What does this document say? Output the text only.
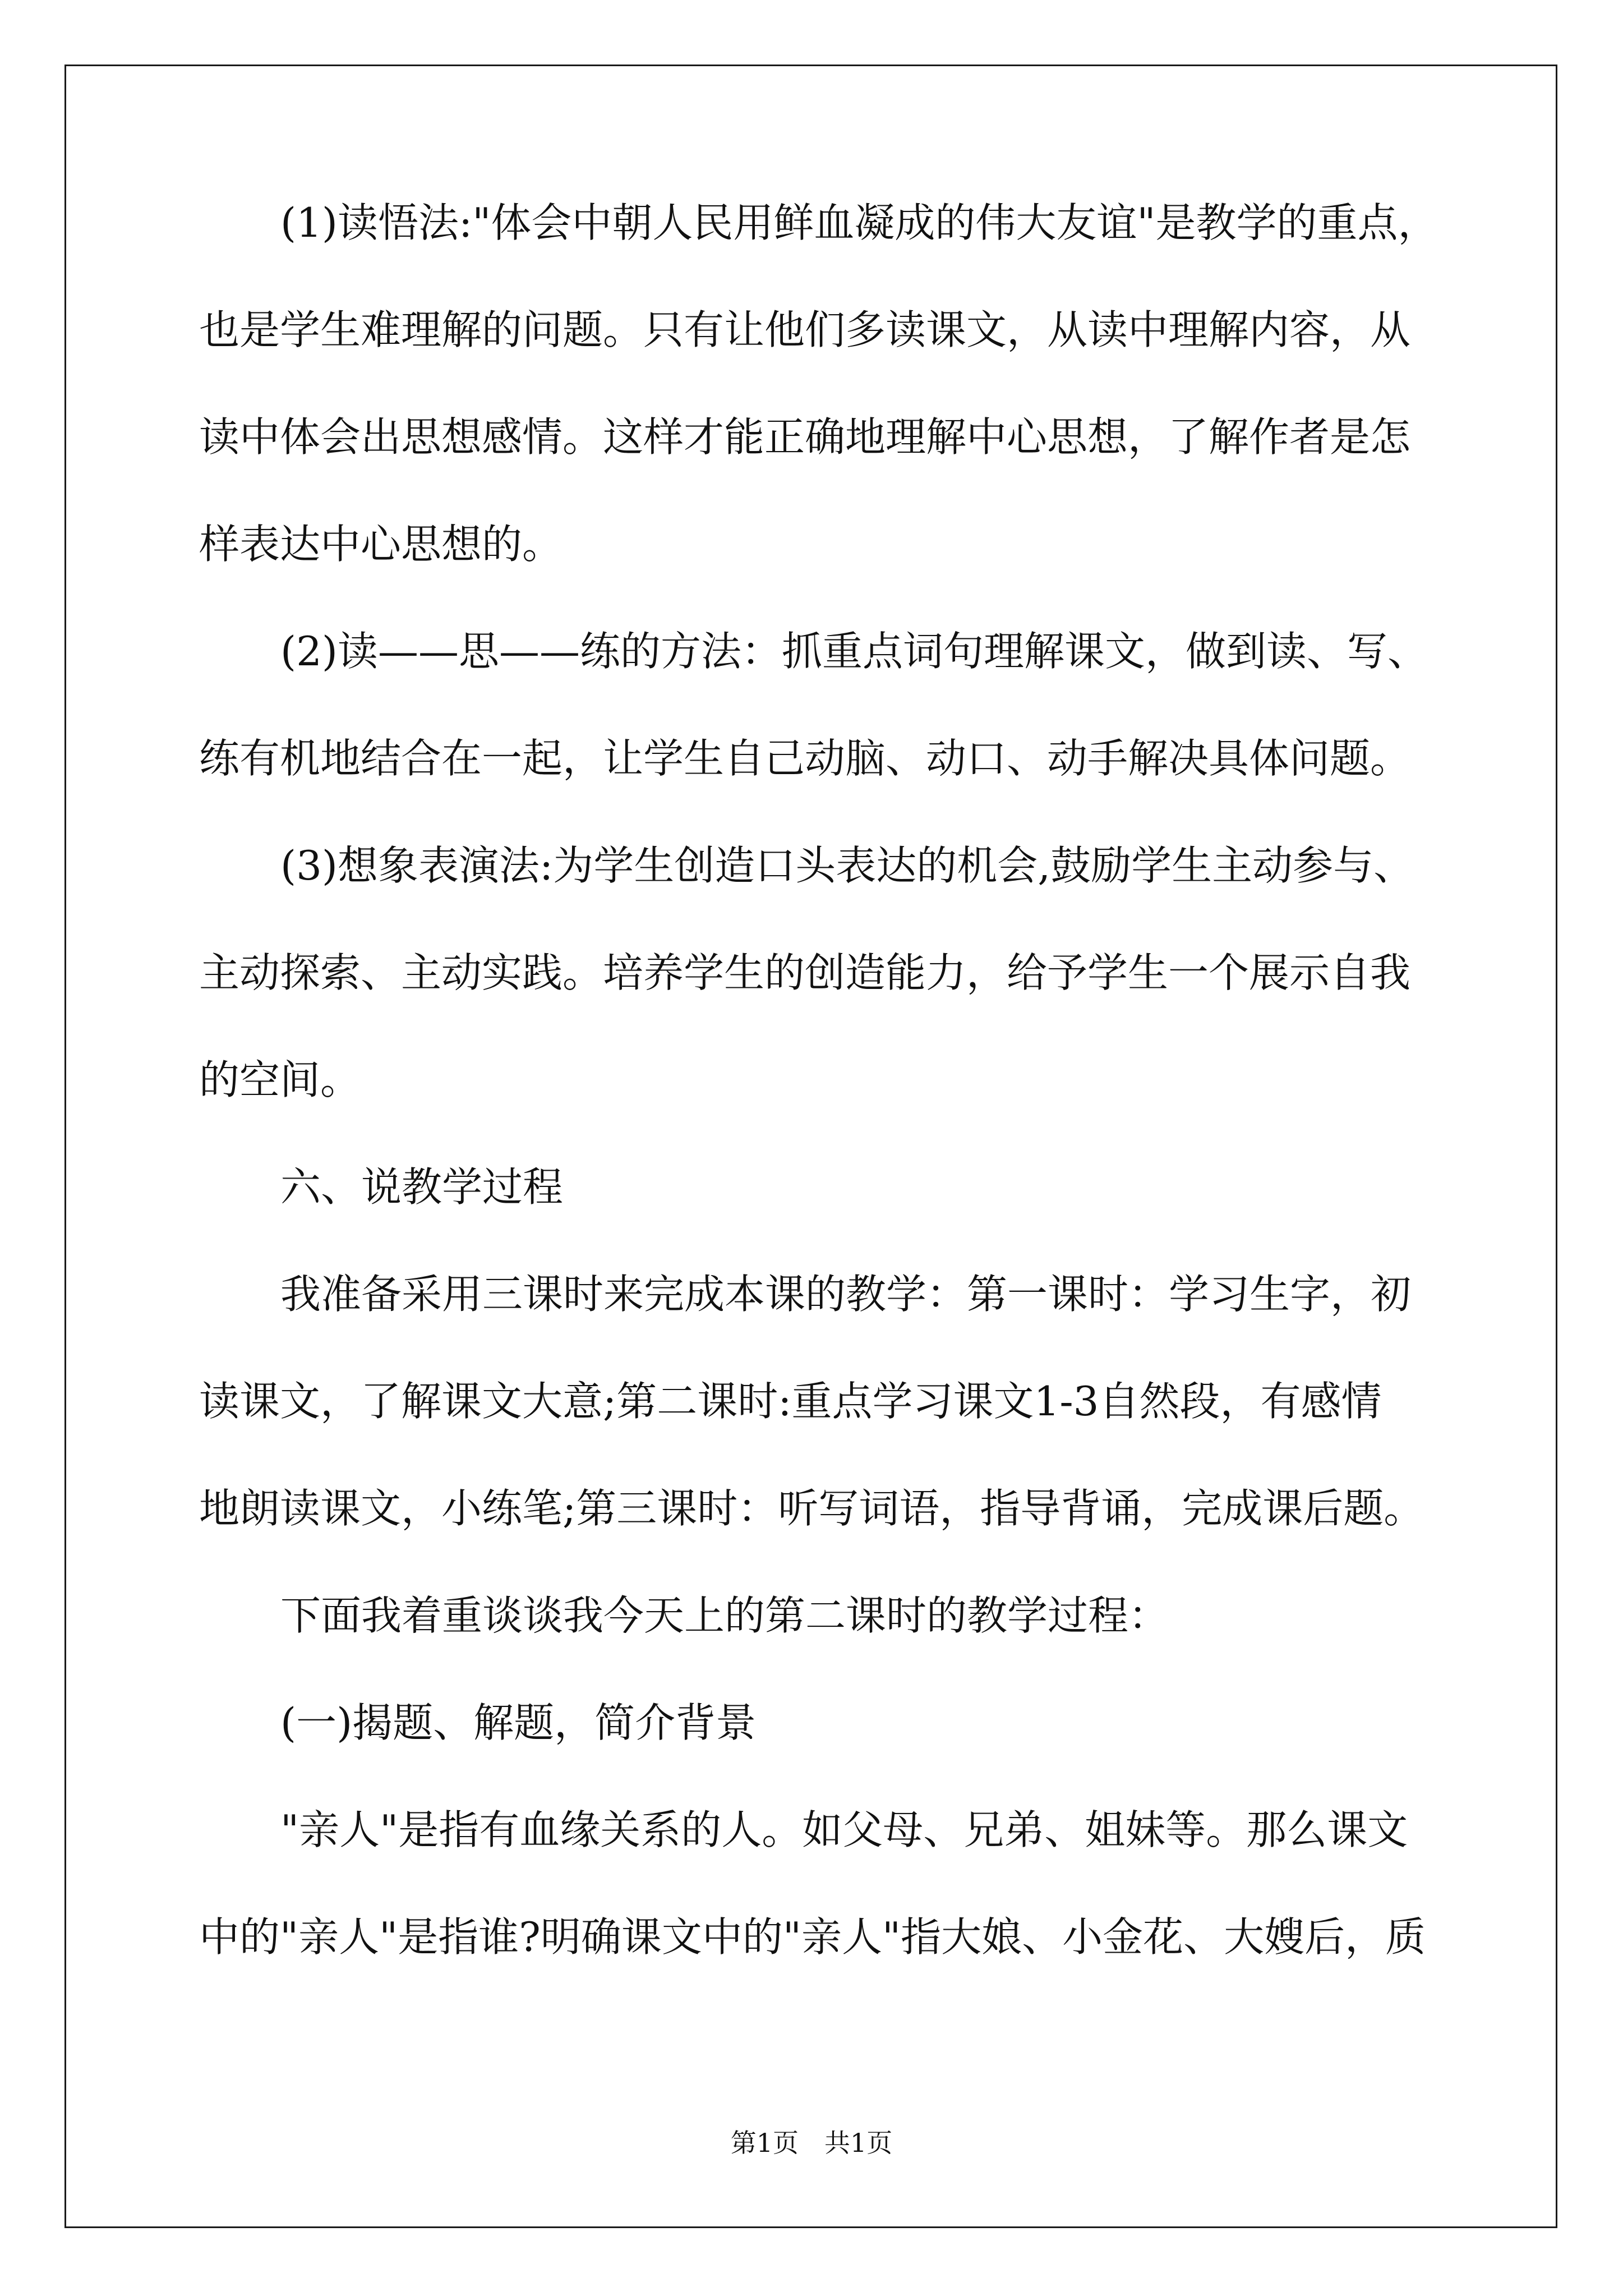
(1)读悟法:"体会中朝人民用鲜血凝成的伟大友谊"是教学的重点，
也是学生难理解的问题。只有让他们多读课文，从读中理解内容，从
读中体会出思想感情。这样才能正确地理解中心思想，了解作者是怎
样表达中心思想的。
(2)读——思——练的方法：抓重点词句理解课文，做到读、写、
练有机地结合在一起，让学生自己动脑、动口、动手解决具体问题。
(3)想象表演法:为学生创造口头表达的机会,鼓励学生主动参与、
主动探索、主动实践。培养学生的创造能力，给予学生一个展示自我
的空间。
六、说教学过程
我准备采用三课时来完成本课的教学：第一课时：学习生字，初
读课文，了解课文大意;第二课时:重点学习课文1-3自然段，有感情
地朗读课文，小练笔;第三课时：听写词语，指导背诵，完成课后题。
下面我着重谈谈我今天上的第二课时的教学过程：
(一)揭题、解题，简介背景
"亲人"是指有血缘关系的人。如父母、兄弟、姐妹等。那么课文
中的"亲人"是指谁?明确课文中的"亲人"指大娘、小金花、大嫂后，质
第1页　共1页
